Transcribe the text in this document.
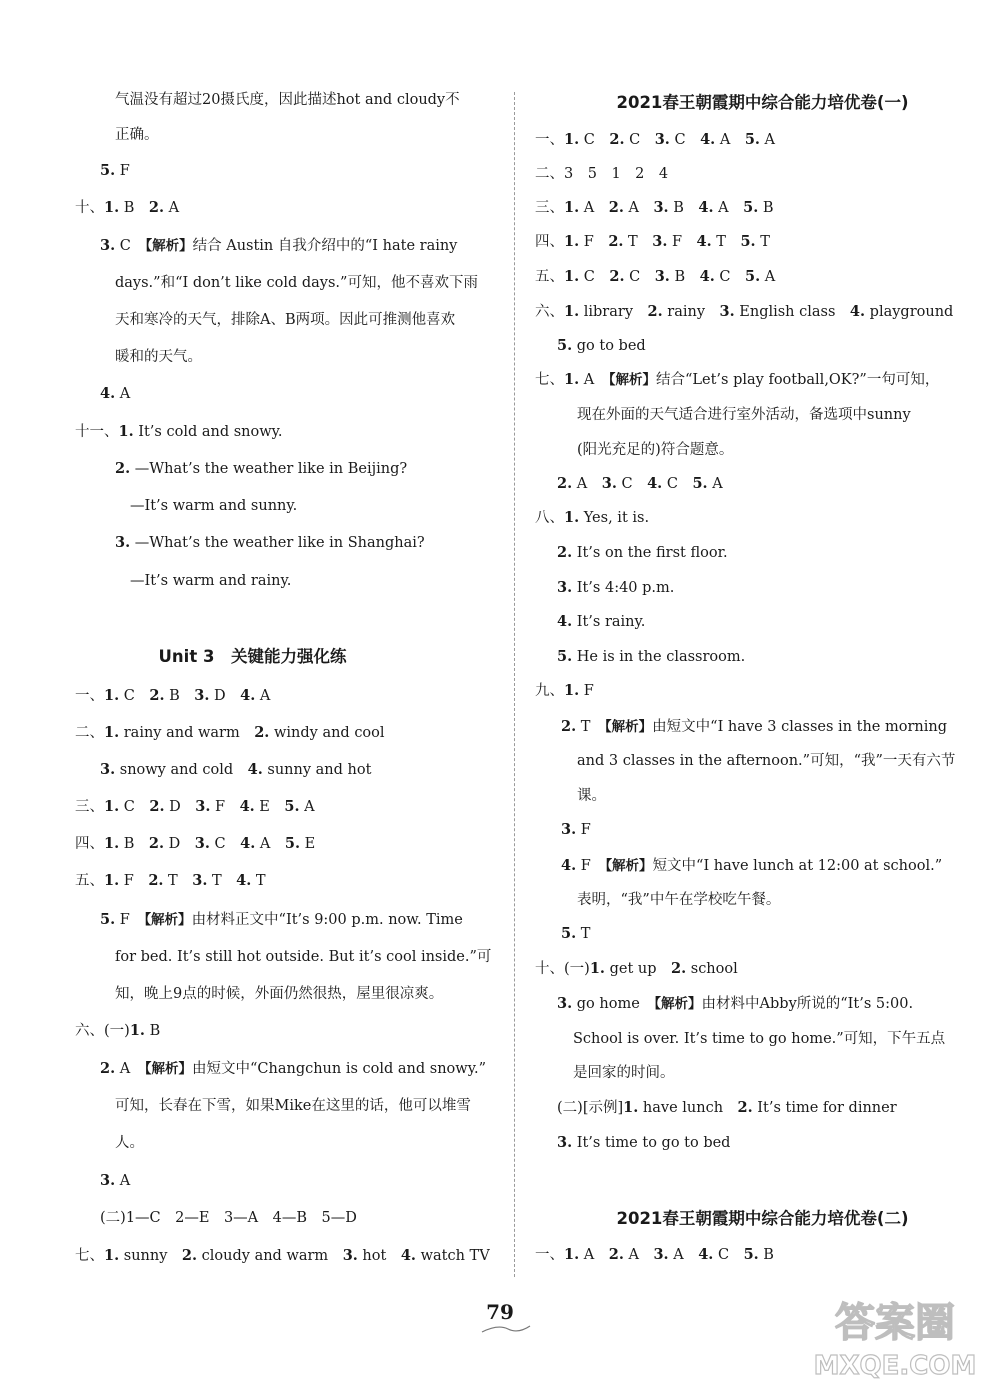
Unit 3　关键能力强化练
气温没有超过20摄氏度，因此描述hot and cloudy不
正确。
5. F
十、1. B　2. A
3. C　【解析】结合 Austin 自我介绍中的“I hate rainy
days.”和“I don’t like cold days.”可知，他不喜欢下雨
天和寒冷的天气，排除A、B两项。因此可推测他喜欢
暖和的天气。
4. A
十一、1. It’s cold and snowy.
2. —What’s the weather like in Beijing?
—It’s warm and sunny.
3. —What’s the weather like in Shanghai?
—It’s warm and rainy.
一、1. C　2. B　3. D　4. A
二、1. rainy and warm　2. windy and cool
3. snowy and cold　4. sunny and hot
三、1. C　2. D　3. F　4. E　5. A
四、1. B　2. D　3. C　4. A　5. E
五、1. F　2. T　3. T　4. T
5. F　【解析】由材料正文中“It’s 9:00 p.m. now. Time
for bed. It’s still hot outside. But it’s cool inside.”可
知，晚上9点的时候，外面仍然很热，屋里很凉爽。
六、(一)1. B
2. A　【解析】由短文中“Changchun is cold and snowy.”
可知，长春在下雪，如果Mike在这里的话，他可以堆雪
人。
3. A
(二)1—C　2—E　3—A　4—B　5—D
七、1. sunny　2. cloudy and warm　3. hot　4. watch TV
2021春王朝霞期中综合能力培优卷(一)
2021春王朝霞期中综合能力培优卷(二)
一、1. C　2. C　3. C　4. A　5. A
二、3　5　1　2　4
三、1. A　2. A　3. B　4. A　5. B
四、1. F　2. T　3. F　4. T　5. T
五、1. C　2. C　3. B　4. C　5. A
六、1. library　2. rainy　3. English class　4. playground
5. go to bed
七、1. A　【解析】结合“Let’s play football,OK?”一句可知，
现在外面的天气适合进行室外活动，备选项中sunny
(阳光充足的)符合题意。
2. A　3. C　4. C　5. A
八、1. Yes, it is.
2. It’s on the first floor.
3. It’s 4:40 p.m.
4. It’s rainy.
5. He is in the classroom.
九、1. F
2. T　【解析】由短文中“I have 3 classes in the morning
and 3 classes in the afternoon.”可知，“我”一天有六节
课。
3. F
4. F　【解析】短文中“I have lunch at 12:00 at school.”
表明，“我”中午在学校吃午餐。
5. T
十、(一)1. get up　2. school
3. go home　【解析】由材料中Abby所说的“It’s 5:00.
School is over. It’s time to go home.”可知，下午五点
是回家的时间。
(二)[示例]1. have lunch　2. It’s time for dinner
3. It’s time to go to bed
一、1. A　2. A　3. A　4. C　5. B
79	答案圈
MXQE.COM
